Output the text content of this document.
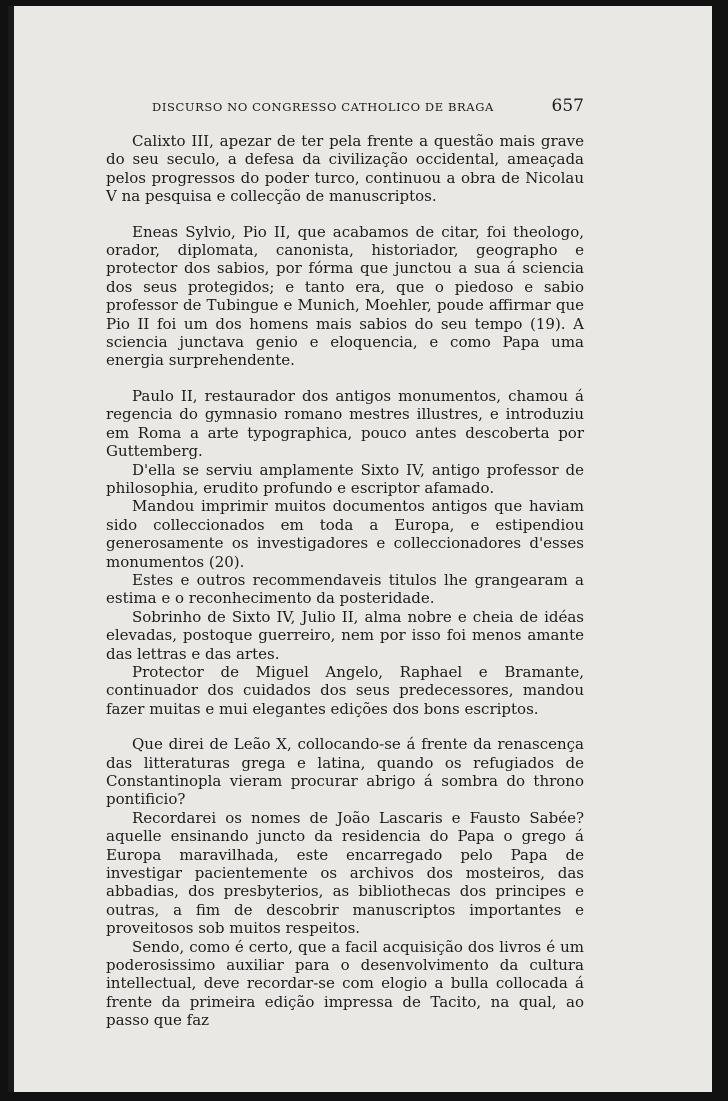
DISCURSO NO CONGRESSO CATHOLICO DE BRAGA	657

Calixto III, apezar de ter pela frente a questão mais grave do seu seculo, a defesa da civilização occidental, ameaçada pelos progressos do poder turco, continuou a obra de Nicolau V na pesquisa e collecção de manuscriptos.

Eneas Sylvio, Pio II, que acabamos de citar, foi theologo, orador, diplomata, canonista, historiador, geographo e protector dos sabios, por fórma que junctou a sua á sciencia dos seus protegidos; e tanto era, que o piedoso e sabio professor de Tubingue e Munich, Moehler, poude affirmar que Pio II foi um dos homens mais sabios do seu tempo (19). A sciencia junctava genio e eloquencia, e como Papa uma energia surprehendente.

Paulo II, restaurador dos antigos monumentos, chamou á regencia do gymnasio romano mestres illustres, e introduziu em Roma a arte typographica, pouco antes descoberta por Guttemberg.

D'ella se serviu amplamente Sixto IV, antigo professor de philosophia, erudito profundo e escriptor afamado.

Mandou imprimir muitos documentos antigos que haviam sido colleccionados em toda a Europa, e estipendiou generosamente os investigadores e colleccionadores d'esses monumentos (20).

Estes e outros recommendaveis titulos lhe grangearam a estima e o reconhecimento da posteridade.

Sobrinho de Sixto IV, Julio II, alma nobre e cheia de idéas elevadas, postoque guerreiro, nem por isso foi menos amante das lettras e das artes.

Protector de Miguel Angelo, Raphael e Bramante, continuador dos cuidados dos seus predecessores, mandou fazer muitas e mui elegantes edições dos bons escriptos.

Que direi de Leão X, collocando-se á frente da renascença das litteraturas grega e latina, quando os refugiados de Constantinopla vieram procurar abrigo á sombra do throno pontificio?

Recordarei os nomes de João Lascaris e Fausto Sabée? aquelle ensinando juncto da residencia do Papa o grego á Europa maravilhada, este encarregado pelo Papa de investigar pacientemente os archivos dos mosteiros, das abbadias, dos presbyterios, as bibliothecas dos principes e outras, a fim de descobrir manuscriptos importantes e proveitosos sob muitos respeitos.

Sendo, como é certo, que a facil acquisição dos livros é um poderosissimo auxiliar para o desenvolvimento da cultura intellectual, deve recordar-se com elogio a bulla collocada á frente da primeira edição impressa de Tacito, na qual, ao passo que faz
